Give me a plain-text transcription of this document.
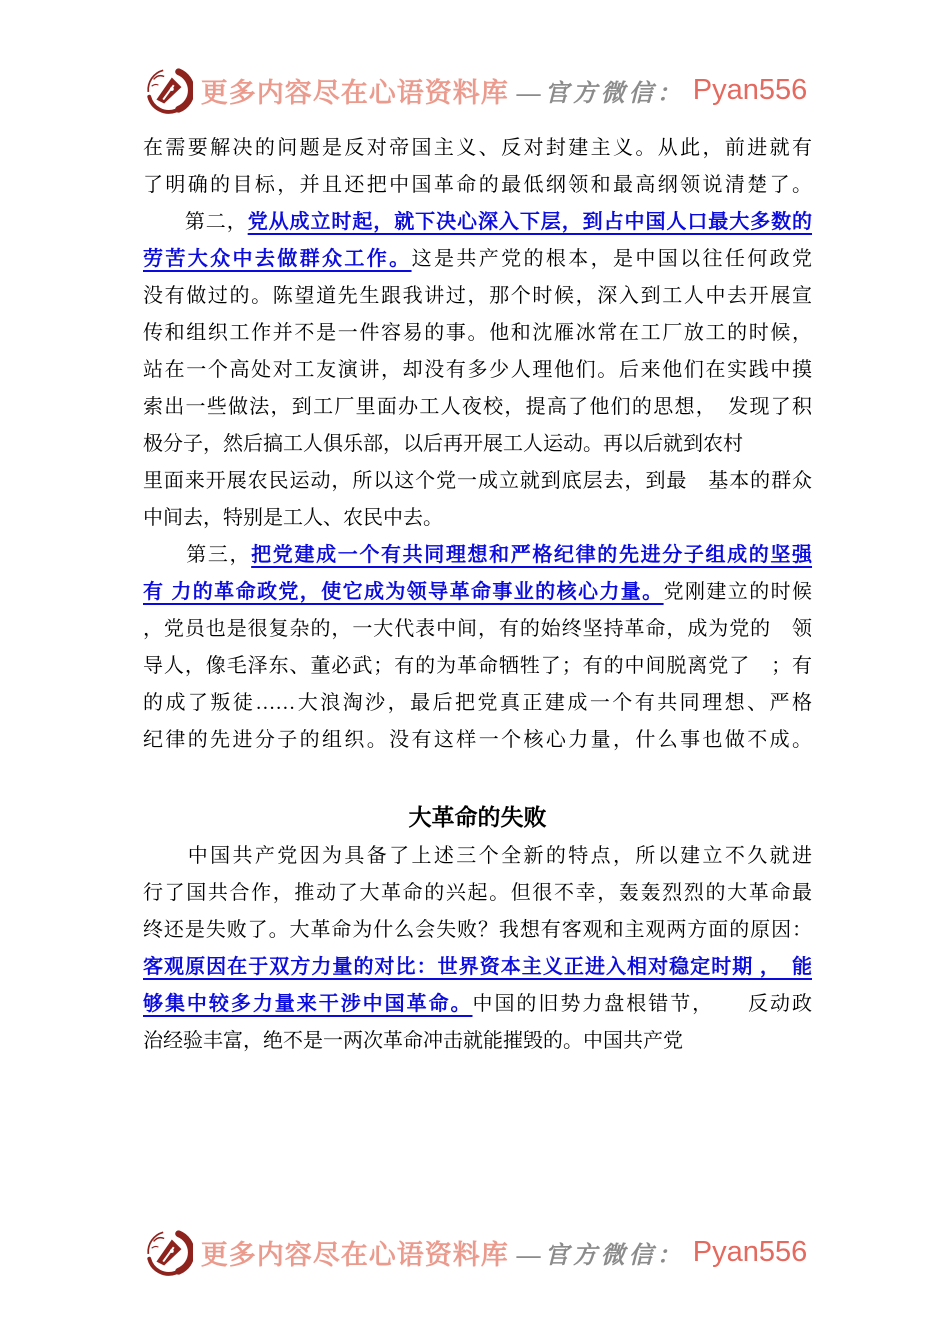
更多内容尽在心语资料库 —官方微信： Pyan556
在需要解决的问题是反对帝国主义、反对封建主义。从此，前进就有
了明确的目标，并且还把中国革命的最低纲领和最高纲领说清楚了。
　　第二，党从成立时起，就下决心深入下层，到占中国人口最大多数的
劳苦大众中去做群众工作。这是共产党的根本，是中国以往任何政党
没有做过的。陈望道先生跟我讲过，那个时候，深入到工人中去开展宣
传和组织工作并不是一件容易的事。他和沈雁冰常在工厂放工的时候，
站在一个高处对工友演讲，却没有多少人理他们。后来他们在实践中摸
索出一些做法，到工厂里面办工人夜校，提高了他们的思想，　发现了积
极分子，然后搞工人俱乐部，以后再开展工人运动。再以后就到农村
里面来开展农民运动，所以这个党一成立就到底层去，到最　基本的群众
中间去，特别是工人、农民中去。
　　第三，把党建成一个有共同理想和严格纪律的先进分子组成的坚强
有 力的革命政党，使它成为领导革命事业的核心力量。党刚建立的时候
，党员也是很复杂的，一大代表中间，有的始终坚持革命，成为党的　领
导人，像毛泽东、董必武；有的为革命牺牲了；有的中间脱离党了　；有
的成了叛徒……大浪淘沙，最后把党真正建成一个有共同理想、严格
纪律的先进分子的组织。没有这样一个核心力量，什么事也做不成。
大革命的失败
　　中国共产党因为具备了上述三个全新的特点，所以建立不久就进
行了国共合作，推动了大革命的兴起。但很不幸，轰轰烈烈的大革命最
终还是失败了。大革命为什么会失败？我想有客观和主观两方面的原因：
客观原因在于双方力量的对比：世界资本主义正进入相对稳定时期 ，　能
够集中较多力量来干涉中国革命。中国的旧势力盘根错节，　　反动政
治经验丰富，绝不是一两次革命冲击就能摧毁的。中国共产党
更多内容尽在心语资料库 —官方微信： Pyan556
